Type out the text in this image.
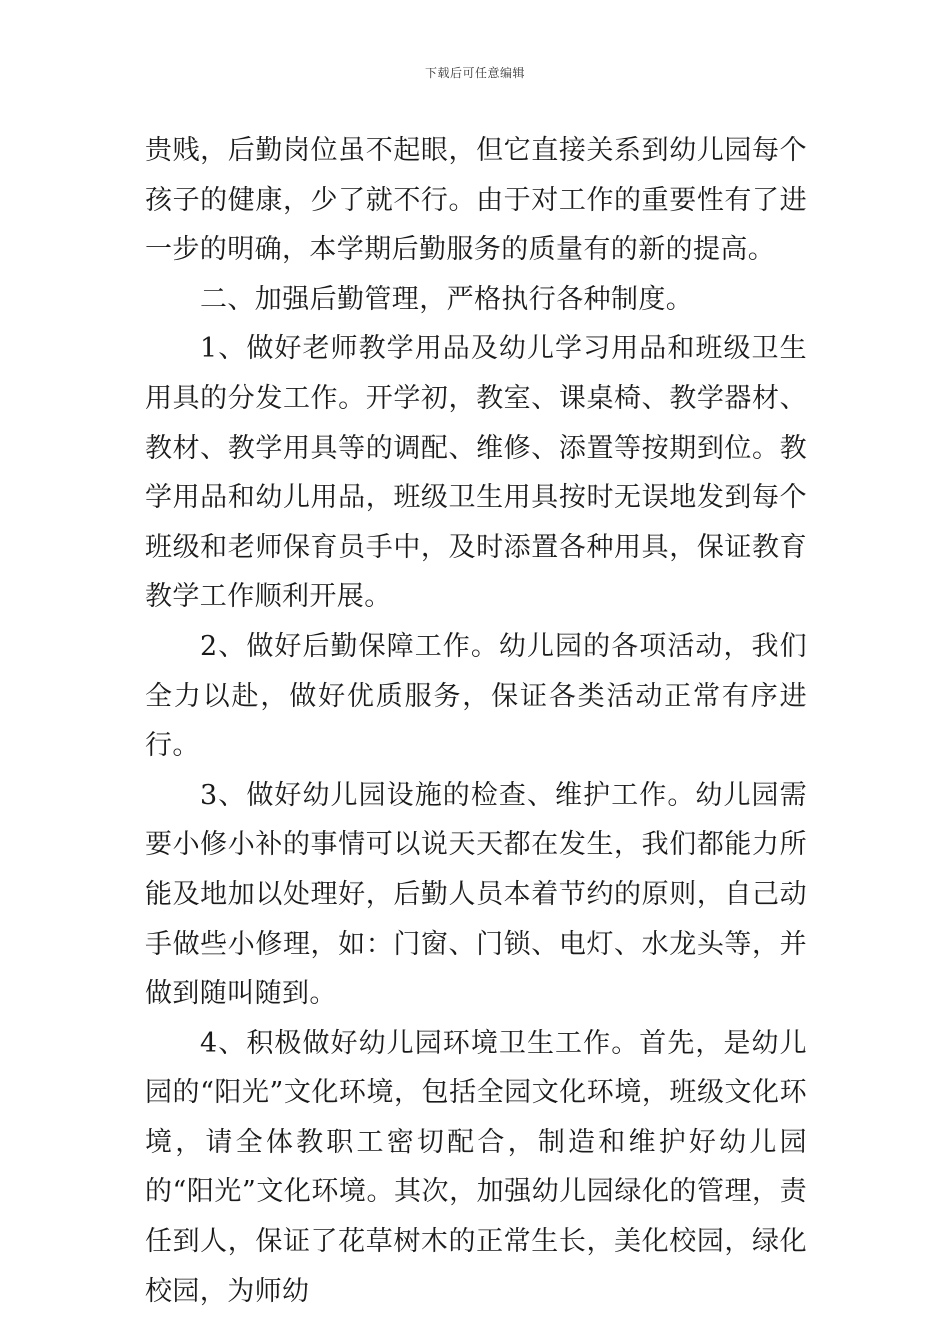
下载后可任意编辑

贵贱，后勤岗位虽不起眼，但它直接关系到幼儿园每个孩子的健康，少了就不行。由于对工作的重要性有了进一步的明确，本学期后勤服务的质量有的新的提高。

二、加强后勤管理，严格执行各种制度。

1、做好老师教学用品及幼儿学习用品和班级卫生用具的分发工作。开学初，教室、课桌椅、教学器材、教材、教学用具等的调配、维修、添置等按期到位。教学用品和幼儿用品，班级卫生用具按时无误地发到每个班级和老师保育员手中，及时添置各种用具，保证教育教学工作顺利开展。

2、做好后勤保障工作。幼儿园的各项活动，我们全力以赴，做好优质服务，保证各类活动正常有序进行。

3、做好幼儿园设施的检查、维护工作。幼儿园需要小修小补的事情可以说天天都在发生，我们都能力所能及地加以处理好，后勤人员本着节约的原则，自己动手做些小修理，如：门窗、门锁、电灯、水龙头等，并做到随叫随到。

4、积极做好幼儿园环境卫生工作。首先，是幼儿园的“阳光”文化环境，包括全园文化环境，班级文化环境，请全体教职工密切配合，制造和维护好幼儿园的“阳光”文化环境。其次，加强幼儿园绿化的管理，责任到人，保证了花草树木的正常生长，美化校园，绿化校园，为师幼
